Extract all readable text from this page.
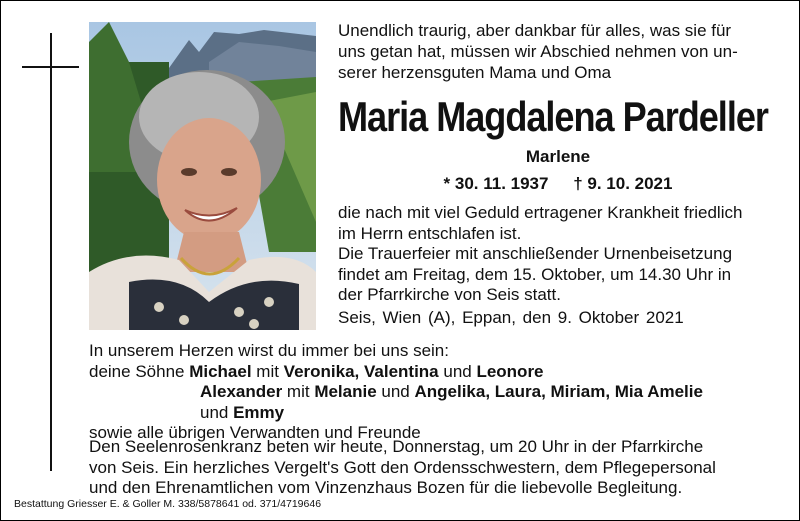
Unendlich traurig, aber dankbar für alles, was sie für
uns getan hat, müssen wir Abschied nehmen von un-
serer herzensguten Mama und Oma
Maria Magdalena Pardeller
Marlene
* 30. 11. 1937 † 9. 10. 2021
die nach mit viel Geduld ertragener Krankheit friedlich
im Herrn entschlafen ist.
Die Trauerfeier mit anschließender Urnenbeisetzung
findet am Freitag, dem 15. Oktober, um 14.30 Uhr in
der Pfarrkirche von Seis statt.
Seis, Wien (A), Eppan, den 9. Oktober 2021
In unserem Herzen wirst du immer bei uns sein:
deine Söhne Michael mit Veronika, Valentina und Leonore
Alexander mit Melanie und Angelika, Laura, Miriam, Mia Amelie
und Emmy
sowie alle übrigen Verwandten und Freunde
Den Seelenrosenkranz beten wir heute, Donnerstag, um 20 Uhr in der Pfarrkirche
von Seis. Ein herzliches Vergelt's Gott den Ordensschwestern, dem Pflegepersonal
und den Ehrenamtlichen vom Vinzenzhaus Bozen für die liebevolle Begleitung.
Bestattung Griesser E. & Goller M. 338/5878641 od. 371/4719646
